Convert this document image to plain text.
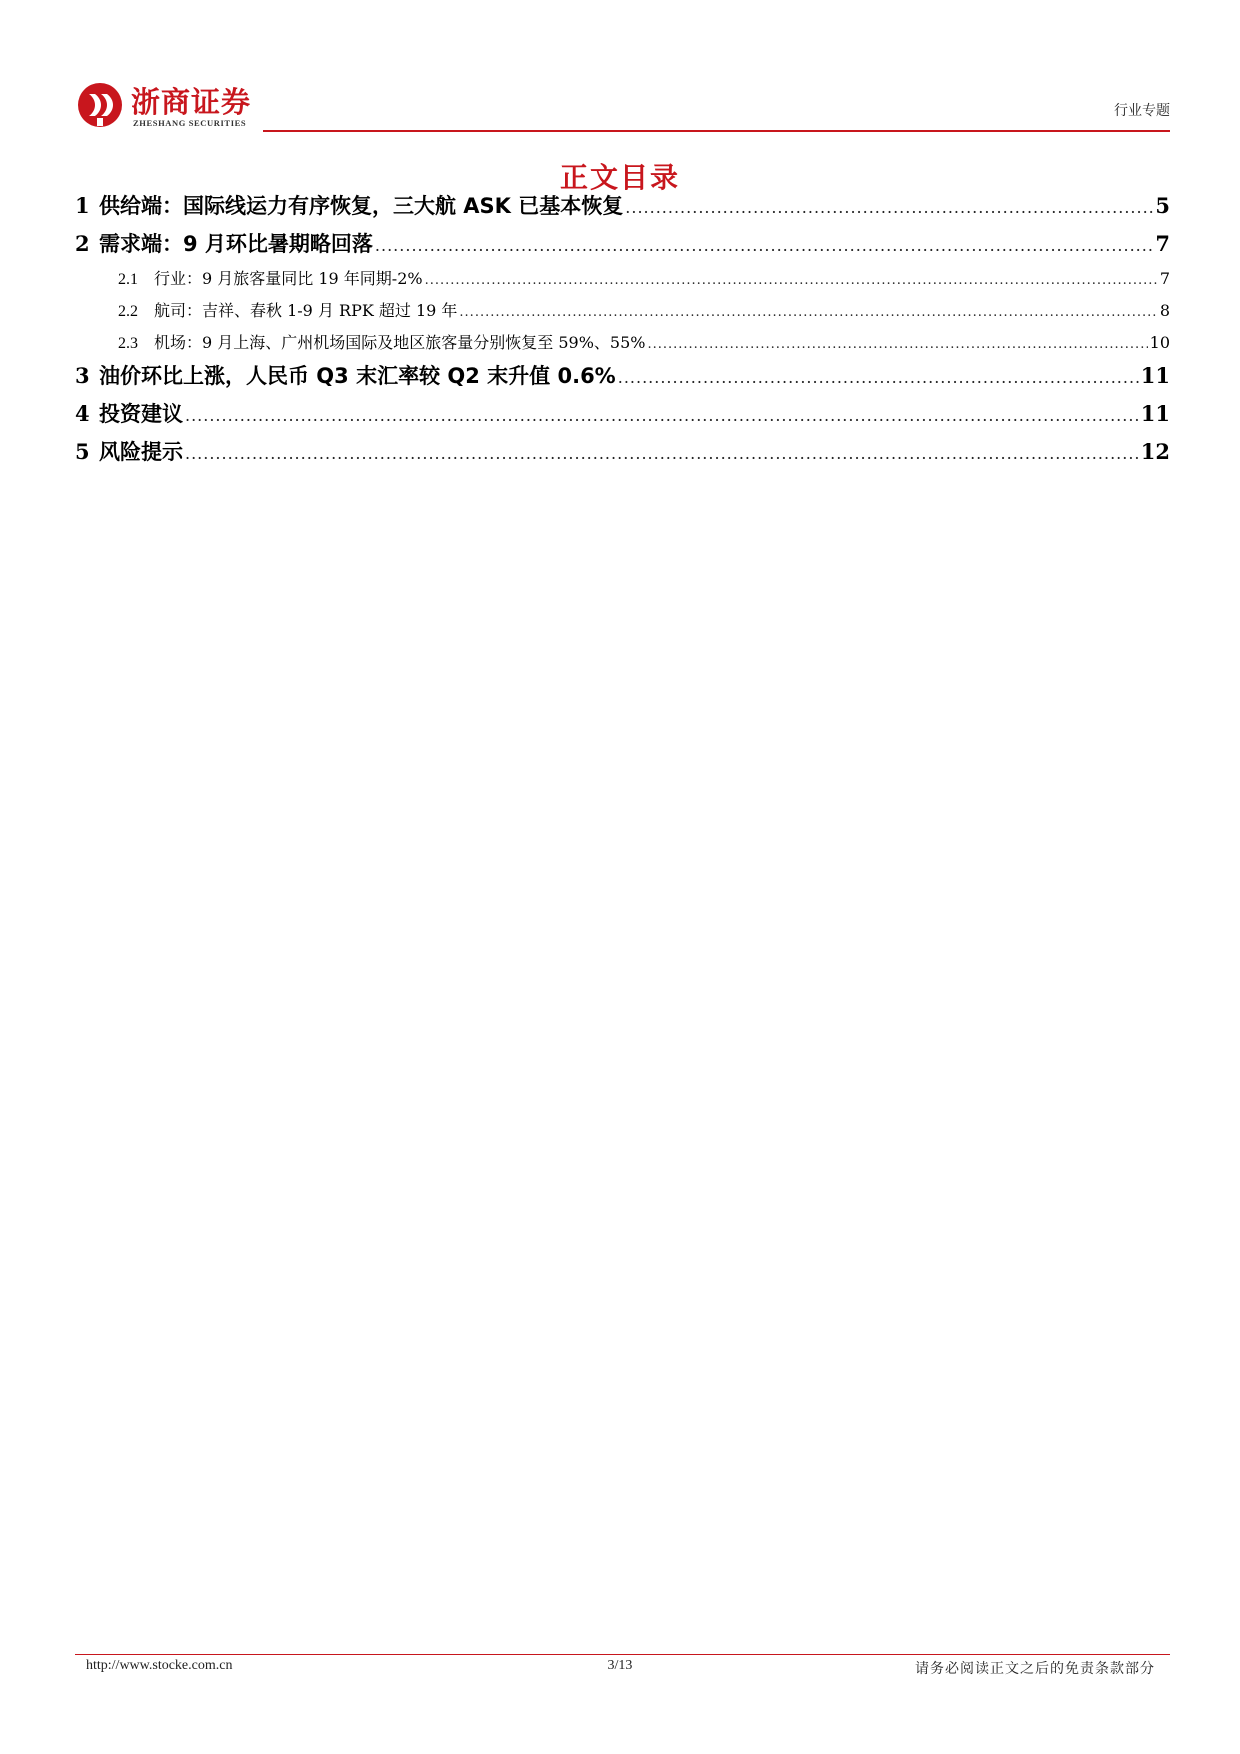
浙商证券
ZHESHANG SECURITIES
行业专题
正文目录
1 供给端：国际线运力有序恢复，三大航 ASK 已基本恢复 .....	5
2 需求端：9 月环比暑期略回落 .....	7
2.1	行业：9 月旅客量同比 19 年同期-2% .....	7
2.2	航司：吉祥、春秋 1-9 月 RPK 超过 19 年 .....	8
2.3	机场：9 月上海、广州机场国际及地区旅客量分别恢复至 59%、55% .....	10
3 油价环比上涨，人民币 Q3 末汇率较 Q2 末升值 0.6% .....	11
4 投资建议 .....	11
5 风险提示 .....	12
http://www.stocke.com.cn	3/13	请务必阅读正文之后的免责条款部分
